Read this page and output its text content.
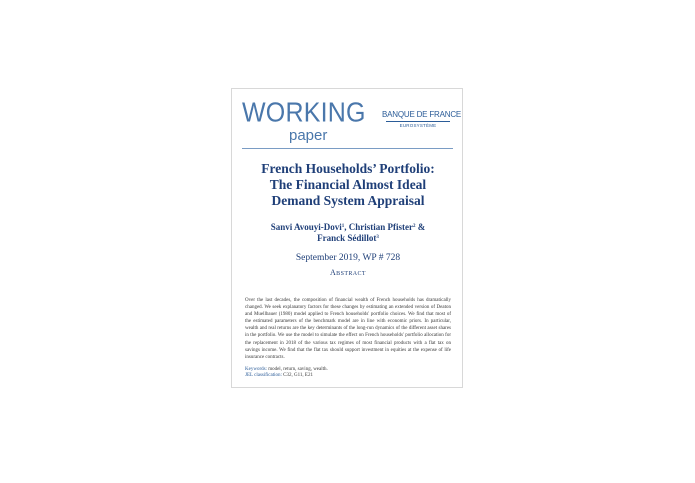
WORKING
paper
BANQUE DE FRANCE
EUROSYSTÈME
French Households’ Portfolio:
The Financial Almost Ideal
Demand System Appraisal

Sanvi Avouyi-Dovi$^1$, Christian Pfister$^2$ &
Franck Sédillot$^3$

September 2019, WP # 728

Abstract

Over the last decades, the composition of financial wealth of French households has dramatically changed. We seek explanatory factors for these changes by estimating an extended version of Deaton and Muellbauer (1980) model applied to French households' portfolio choices. We find that most of the estimated parameters of the benchmark model are in line with economic priors. In particular, wealth and real returns are the key determinants of the long-run dynamics of the different asset shares in the portfolio. We use the model to simulate the effect on French households' portfolio allocation for the replacement in 2018 of the various tax regimes of most financial products with a flat tax on savings income. We find that the flat tax should support investment in equities at the expense of life insurance contracts.

Keywords: model, return, saving, wealth.
JEL classification: C32, G11, E21
